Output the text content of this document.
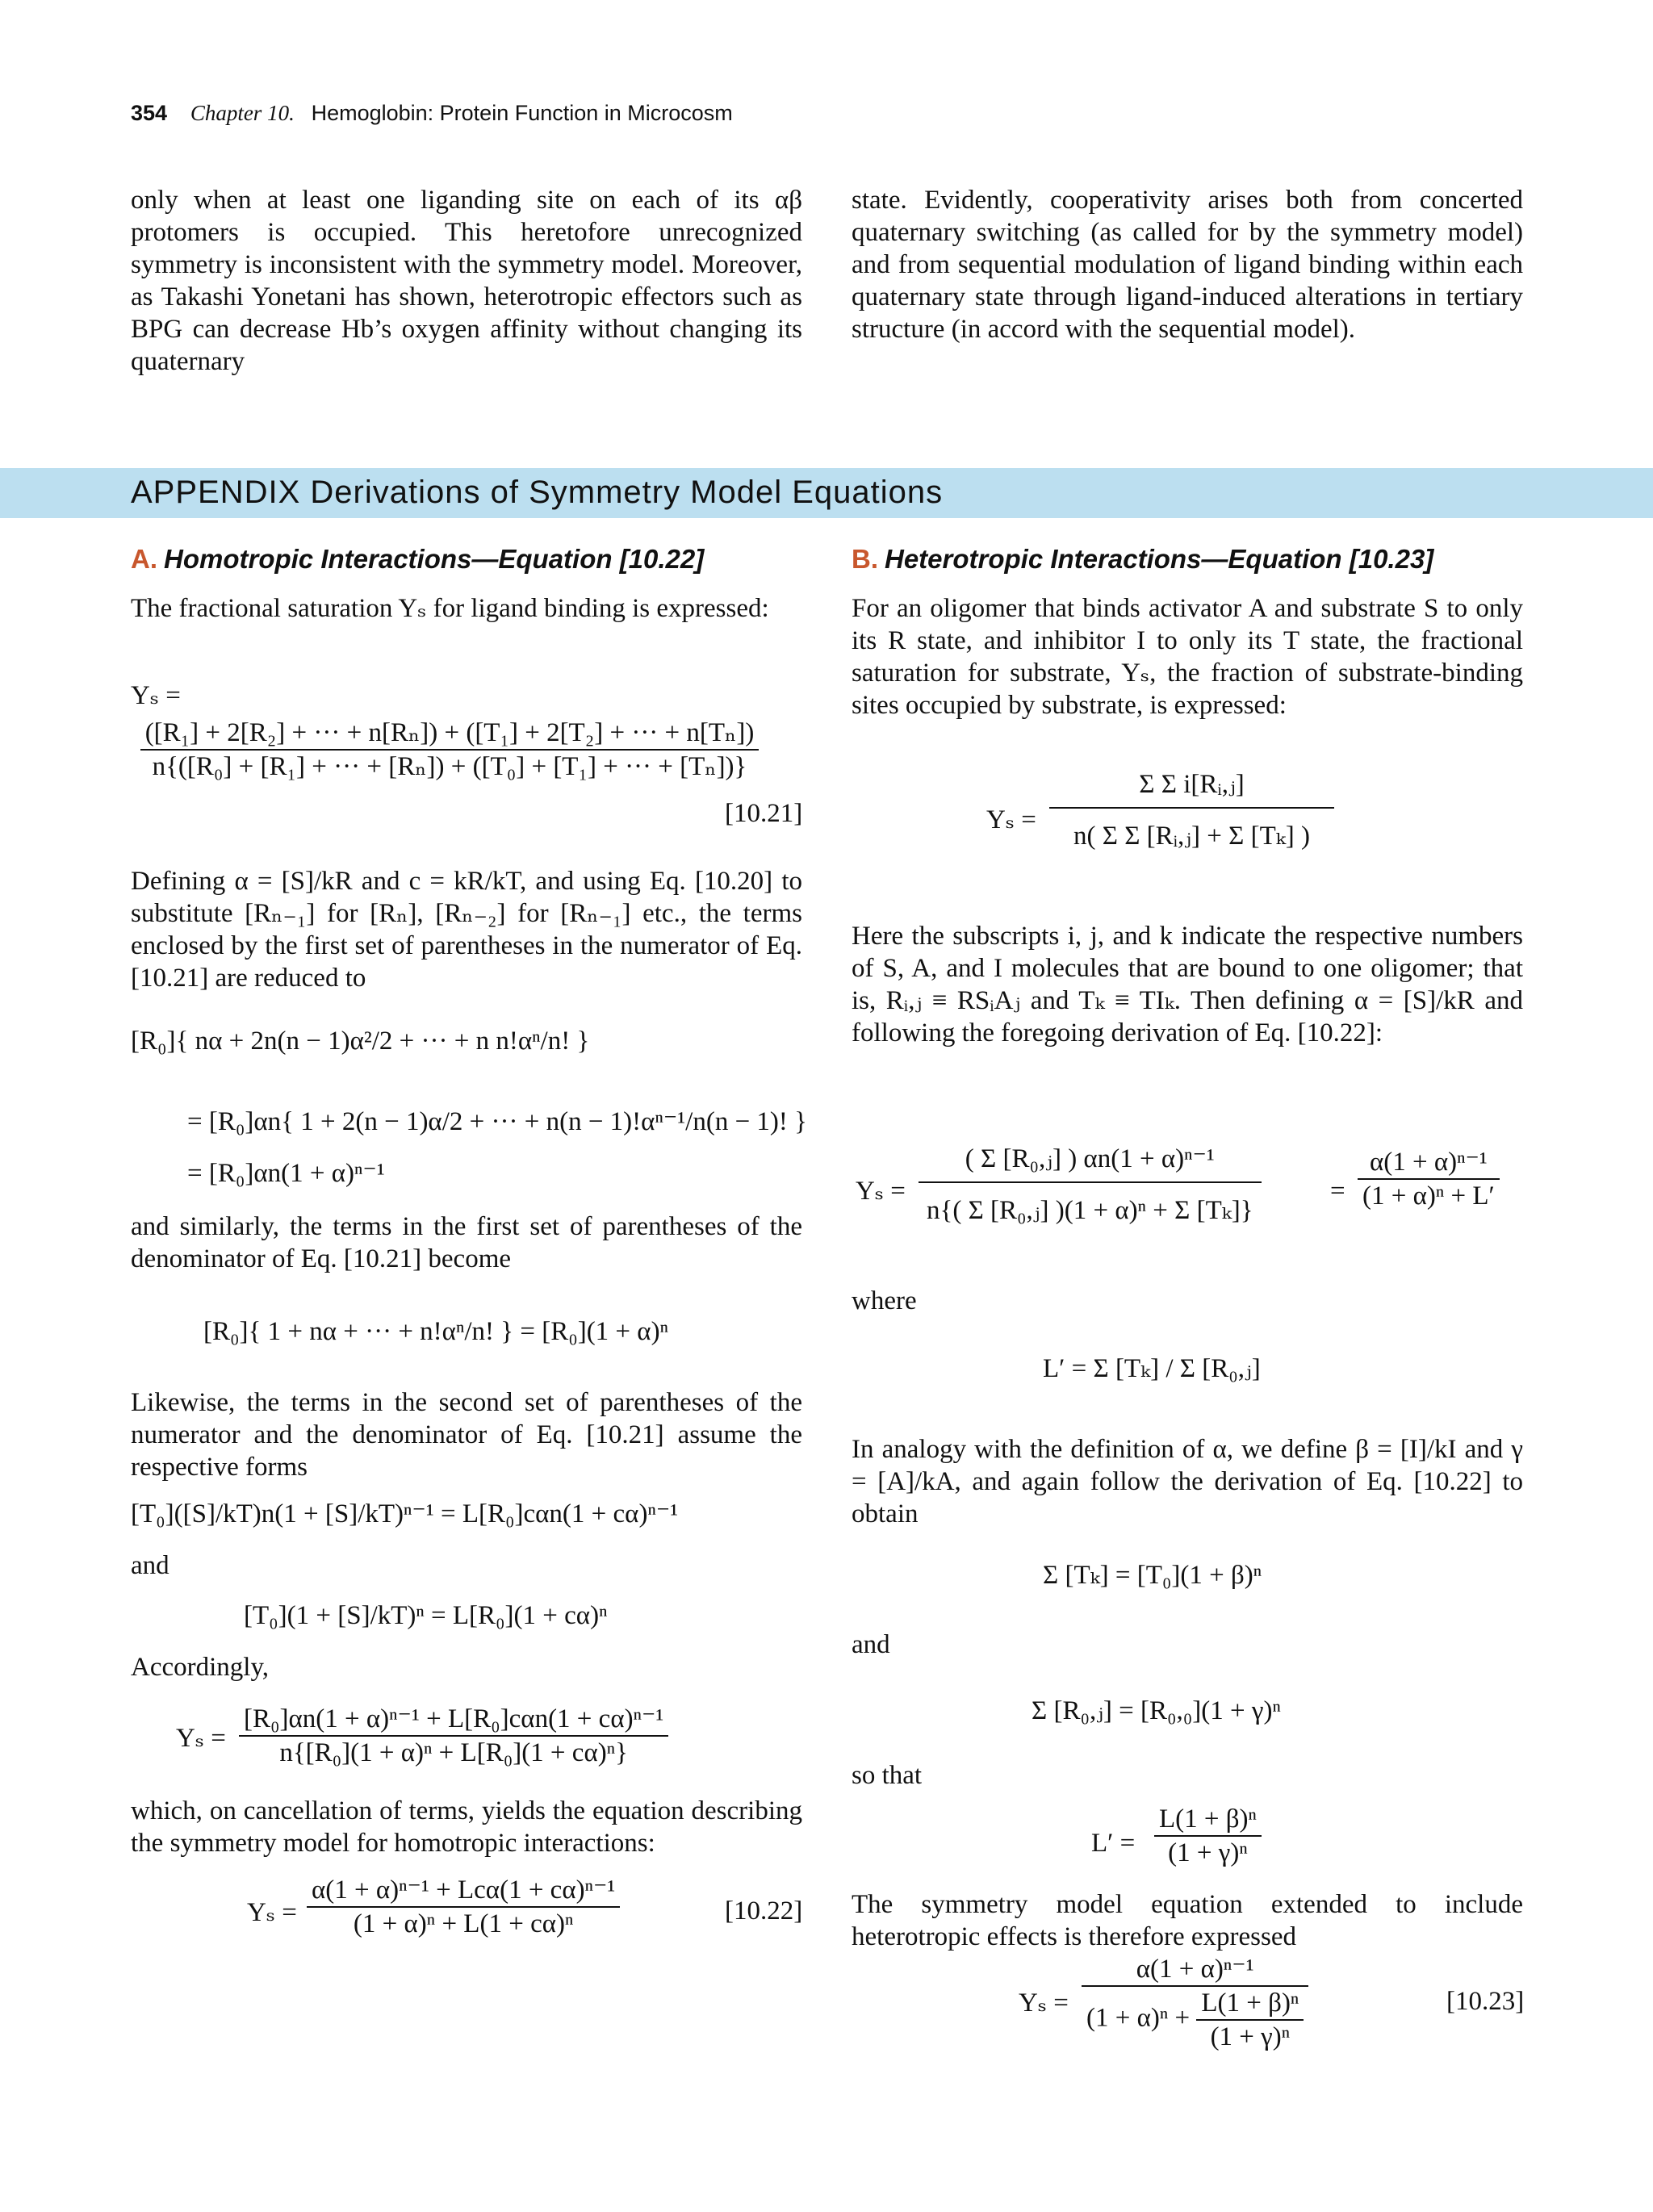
354 Chapter 10. Hemoglobin: Protein Function in Microcosm
only when at least one liganding site on each of its αβ protomers is occupied. This heretofore unrecognized symmetry is inconsistent with the symmetry model. Moreover, as Takashi Yonetani has shown, heterotropic effectors such as BPG can decrease Hb’s oxygen affinity without changing its quaternary
state. Evidently, cooperativity arises both from concerted quaternary switching (as called for by the symmetry model) and from sequential modulation of ligand binding within each quaternary state through ligand-induced alterations in tertiary structure (in accord with the sequential model).
APPENDIX Derivations of Symmetry Model Equations
A. Homotropic Interactions—Equation [10.22]
The fractional saturation Yₛ for ligand binding is expressed:
Yₛ =
$\frac{\text{([R₁] + 2[R₂] + ··· + n[Rₙ]) + ([T₁] + 2[T₂] + ··· + n[Tₙ])}}{\text{n\{([R₀] + [R₁] + ··· + [Rₙ]) + ([T₀] + [T₁] + ··· + [Tₙ])\}}}$
[10.21]
Defining α = [S]/kR and c = kR/kT, and using Eq. [10.20] to substitute [Rₙ₋₁] for [Rₙ], [Rₙ₋₂] for [Rₙ₋₁] etc., the terms enclosed by the first set of parentheses in the numerator of Eq. [10.21] are reduced to
[R₀]{ nα + 2n(n − 1)α²/2 + ··· + n n!αⁿ/n! }
= [R₀]αn{ 1 + 2(n − 1)α/2 + ··· + n(n − 1)!αⁿ⁻¹/n(n − 1)! }
= [R₀]αn(1 + α)ⁿ⁻¹
and similarly, the terms in the first set of parentheses of the denominator of Eq. [10.21] become
[R₀]{ 1 + nα + ··· + n!αⁿ/n! } = [R₀](1 + α)ⁿ
Likewise, the terms in the second set of parentheses of the numerator and the denominator of Eq. [10.21] assume the respective forms
[T₀]([S]/kT)n(1 + [S]/kT)ⁿ⁻¹ = L[R₀]cαn(1 + cα)ⁿ⁻¹
and
[T₀](1 + [S]/kT)ⁿ = L[R₀](1 + cα)ⁿ
Accordingly,
$Y_s = \frac{\text{[R₀]αn(1 + α)ⁿ⁻¹ + L[R₀]cαn(1 + cα)ⁿ⁻¹}}{\text{n\{[R₀](1 + α)ⁿ + L[R₀](1 + cα)ⁿ\}}}$
which, on cancellation of terms, yields the equation describing the symmetry model for homotropic interactions:
$Y_s = \frac{\text{α(1 + α)ⁿ⁻¹ + Lcα(1 + cα)ⁿ⁻¹}}{\text{(1 + α)ⁿ + L(1 + cα)ⁿ}}$	[10.22]
B. Heterotropic Interactions—Equation [10.23]
For an oligomer that binds activator A and substrate S to only its R state, and inhibitor I to only its T state, the fractional saturation for substrate, Yₛ, the fraction of substrate-binding sites occupied by substrate, is expressed:
$Y_s = \frac{\text{Σ Σ i[Rᵢ,ⱼ]}}{\text{n( Σ Σ [Rᵢ,ⱼ] + Σ [Tₖ] )}}$
Here the subscripts i, j, and k indicate the respective numbers of S, A, and I molecules that are bound to one oligomer; that is, Rᵢ,ⱼ ≡ RSᵢAⱼ and Tₖ ≡ TIₖ. Then defining α = [S]/kR and following the foregoing derivation of Eq. [10.22]:
$Y_s = \frac{\text{( Σ [R₀,ⱼ] ) αn(1 + α)ⁿ⁻¹}}{\text{n\{( Σ [R₀,ⱼ] )(1 + α)ⁿ + Σ [Tₖ]\}}}$	= $\frac{\text{α(1 + α)ⁿ⁻¹}}{\text{(1 + α)ⁿ + L′}}$
where
L′ = Σ [Tₖ] / Σ [R₀,ⱼ]
In analogy with the definition of α, we define β = [I]/kI and γ = [A]/kA, and again follow the derivation of Eq. [10.22] to obtain
Σ [Tₖ] = [T₀](1 + β)ⁿ
and
Σ [R₀,ⱼ] = [R₀,₀](1 + γ)ⁿ
so that
$L' = \frac{\text{L(1 + β)ⁿ}}{\text{(1 + γ)ⁿ}}$
The symmetry model equation extended to include heterotropic effects is therefore expressed
$Y_s = \frac{\text{α(1 + α)ⁿ⁻¹}}{(1 + \alpha)^n + \frac{\text{L(1 + β)ⁿ}}{\text{(1 + γ)ⁿ}}}$	[10.23]
